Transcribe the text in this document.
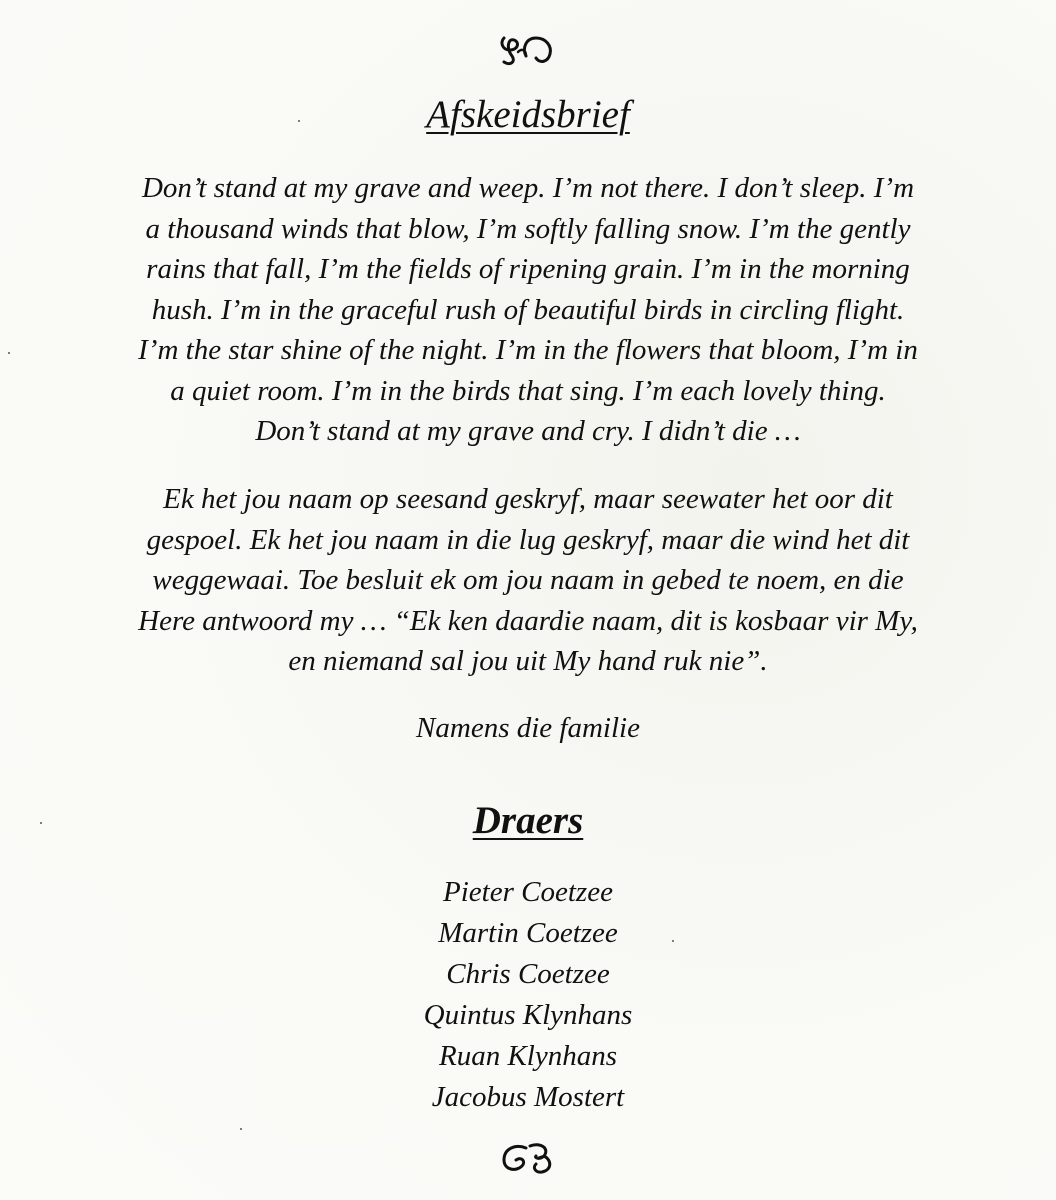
Afskeidsbrief
Don’t stand at my grave and weep. I’m not there. I don’t sleep. I’m
a thousand winds that blow, I’m softly falling snow. I’m the gently
rains that fall, I’m the fields of ripening grain. I’m in the morning
hush. I’m in the graceful rush of beautiful birds in circling flight.
I’m the star shine of the night. I’m in the flowers that bloom, I’m in
a quiet room. I’m in the birds that sing. I’m each lovely thing.
Don’t stand at my grave and cry. I didn’t die …
Ek het jou naam op seesand geskryf, maar seewater het oor dit
gespoel. Ek het jou naam in die lug geskryf, maar die wind het dit
weggewaai. Toe besluit ek om jou naam in gebed te noem, en die
Here antwoord my … “Ek ken daardie naam, dit is kosbaar vir My,
en niemand sal jou uit My hand ruk nie”.
Namens die familie
Draers
Pieter Coetzee
Martin Coetzee
Chris Coetzee
Quintus Klynhans
Ruan Klynhans
Jacobus Mostert
